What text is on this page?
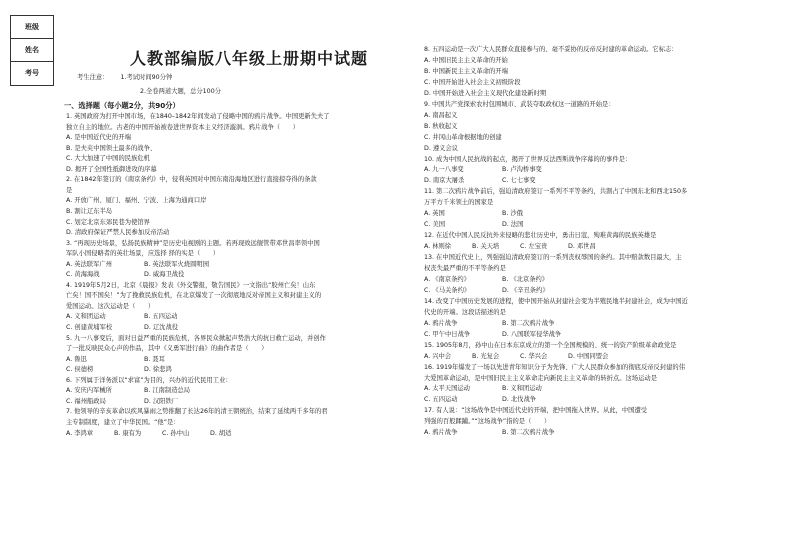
班级
姓名
考号
人教部编版八年级上册期中试题
考生注意： 1.考试时间90分钟
2.全卷两道大题，总分100分
一、选择题（每小题2分，共90分）
1. 英国政府为打开中国市场，在1840–1842年间发动了侵略中国的鸦片战争。中国更新失夫了
独立自主的地位。古老的中国开始被卷进世界资本主义经济漩涡。鸦片战争（　　）
A. 是中国近代史的开端
B. 是夫夹中国领土最多的战争、
C. 大大加速了中国的民族危机
D. 揭开了全国性抵御进攻的序幕
2. 在1842年签订的《南京条约》中，侵利英国对中国东南沿海地区进行直接掠夺得的条款
是
A. 开放广州、厦门、福州、宁波、上海为通商口岸
B. 割让辽东半岛
C. 划定北京东郊民巷为使馆界
D. 清政府保证严禁人民参加反帝活动
3. “再现历史场景，弘扬民族精神”是历史电视剧的主题。若再现致远舰管带邓世昌率领中国
军队小国侵略者的英壮场景，应选择 择的实是（　　）
A. 英法联军广州	B. 英法联军火烧圆明园
C. 黄海海战	D. 威海卫战役
4. 1919年5月2日，北京《晨报》发表《外交警报，敬告国民》一文指出“胶州亡矣！山东
亡矣！国不国矣！”为了挽救民族危机，在北京爆发了一次彻底地反对帝国主义和封建主义的
爱国运动。这次运动是（　　）
A. 义和团运动	B. 五四运动
C. 创建黄埔军校	D. 辽沈战役
5. 九一八事变后，面对日益严重的民族危机，各界民众掀起声势浩大的抗日救亡运动，并创作
了一批反映民众心声的作品，其中《义勇军进行曲》的曲作者是（　　）
A. 鲁迅	B. 聂耳
C. 侯德榜	D. 徐悲鸿
6. 下列属于洋务派以“求富”为目的，兴办的近代民用工业：
A. 安庆内军械所	B. 江南制造总局
C. 福州船政局	D. 汉阳铁厂
7. 他领导的辛亥革命以疾风暴雨之势推翻了长达26年的清王朝统治，结束了延续两千多年的君
主专制制度，建立了中华民国。“他”是：
A. 李鸿章	B. 康有为	C. 孙中山	D. 胡适
8. 五四运动是一次广大人民群众直接参与的、毫不妥协的反帝反封建的革命运动。它标志：
A. 中国旧民主主义革命的开始
B. 中国新民主主义革命的开端
C. 中国开始进入社会主义初级阶段
D. 中国开始进入社会主义现代化建设新时期
9. 中国共产党探索农村包围城市、武装夺取政权这一道路的开始是：
A. 南昌起义
B. 秋收起义
C. 井冈山革命根据地的创建
D. 遵义会议
10. 成为中国人民抗战的起点，揭开了世界反法西斯战争序幕的的事件是：
A. 九一八事变	B. 卢沟桥事变
D. 南京大屠杀	C. 七七事变
11. 第二次鸦片战争前后，强迫清政府签订一系列不平等条约，共割占了中国东北和西北150多
万平方千米领土的国家是
A. 英国	B. 沙俄
C. 美国	D. 法国
12. 在近代中国人民反抗外来侵略的悲壮历史中，勇击日寇，殉难黄海的民族英雄是
A. 林则徐	B. 关天培	C. 左宝贵	D. 邓世昌
13. 在中国近代史上，列强强迫清政府签订的一系列丧权辱国的条约。其中赔款数目最大，主
权丧失最严重的不平等条约是
A. 《南京条约》	B. 《北京条约》
C. 《马关条约》	D. 《辛丑条约》
14. 改变了中国历史发展的进程，使中国开始从封建社会变为半殖民地半封建社会，成为中国近
代史的开端。这段话描述的是
A. 鸦片战争	B. 第二次鸦片战争
C. 甲午中日战争	D. 八国联军侵华战争
15. 1905年8月，孙中山在日本东京成立的第一个全国规模的、统一的资产阶级革命政党是
A. 兴中会	B. 光复会	C. 华兴会	D. 中国同盟会
16. 1919年爆发了一场以先进青年知识分子为先锋、广大人民群众参加的彻底反帝反封建的伟
大爱国革命运动，是中国旧民主主义革命走向新民主主义革命的转折点。这场运动是
A. 太平天国运动	B. 义和团运动
C. 五四运动	D. 北伐战争
17. 有人说：“这场战争是中国近代史的开端，把中国拖入世界。从此，中国遭受
列强的百般蹂躏。”“这场战争”指的是（　　）
A. 鸦片战争	B. 第二次鸦片战争
